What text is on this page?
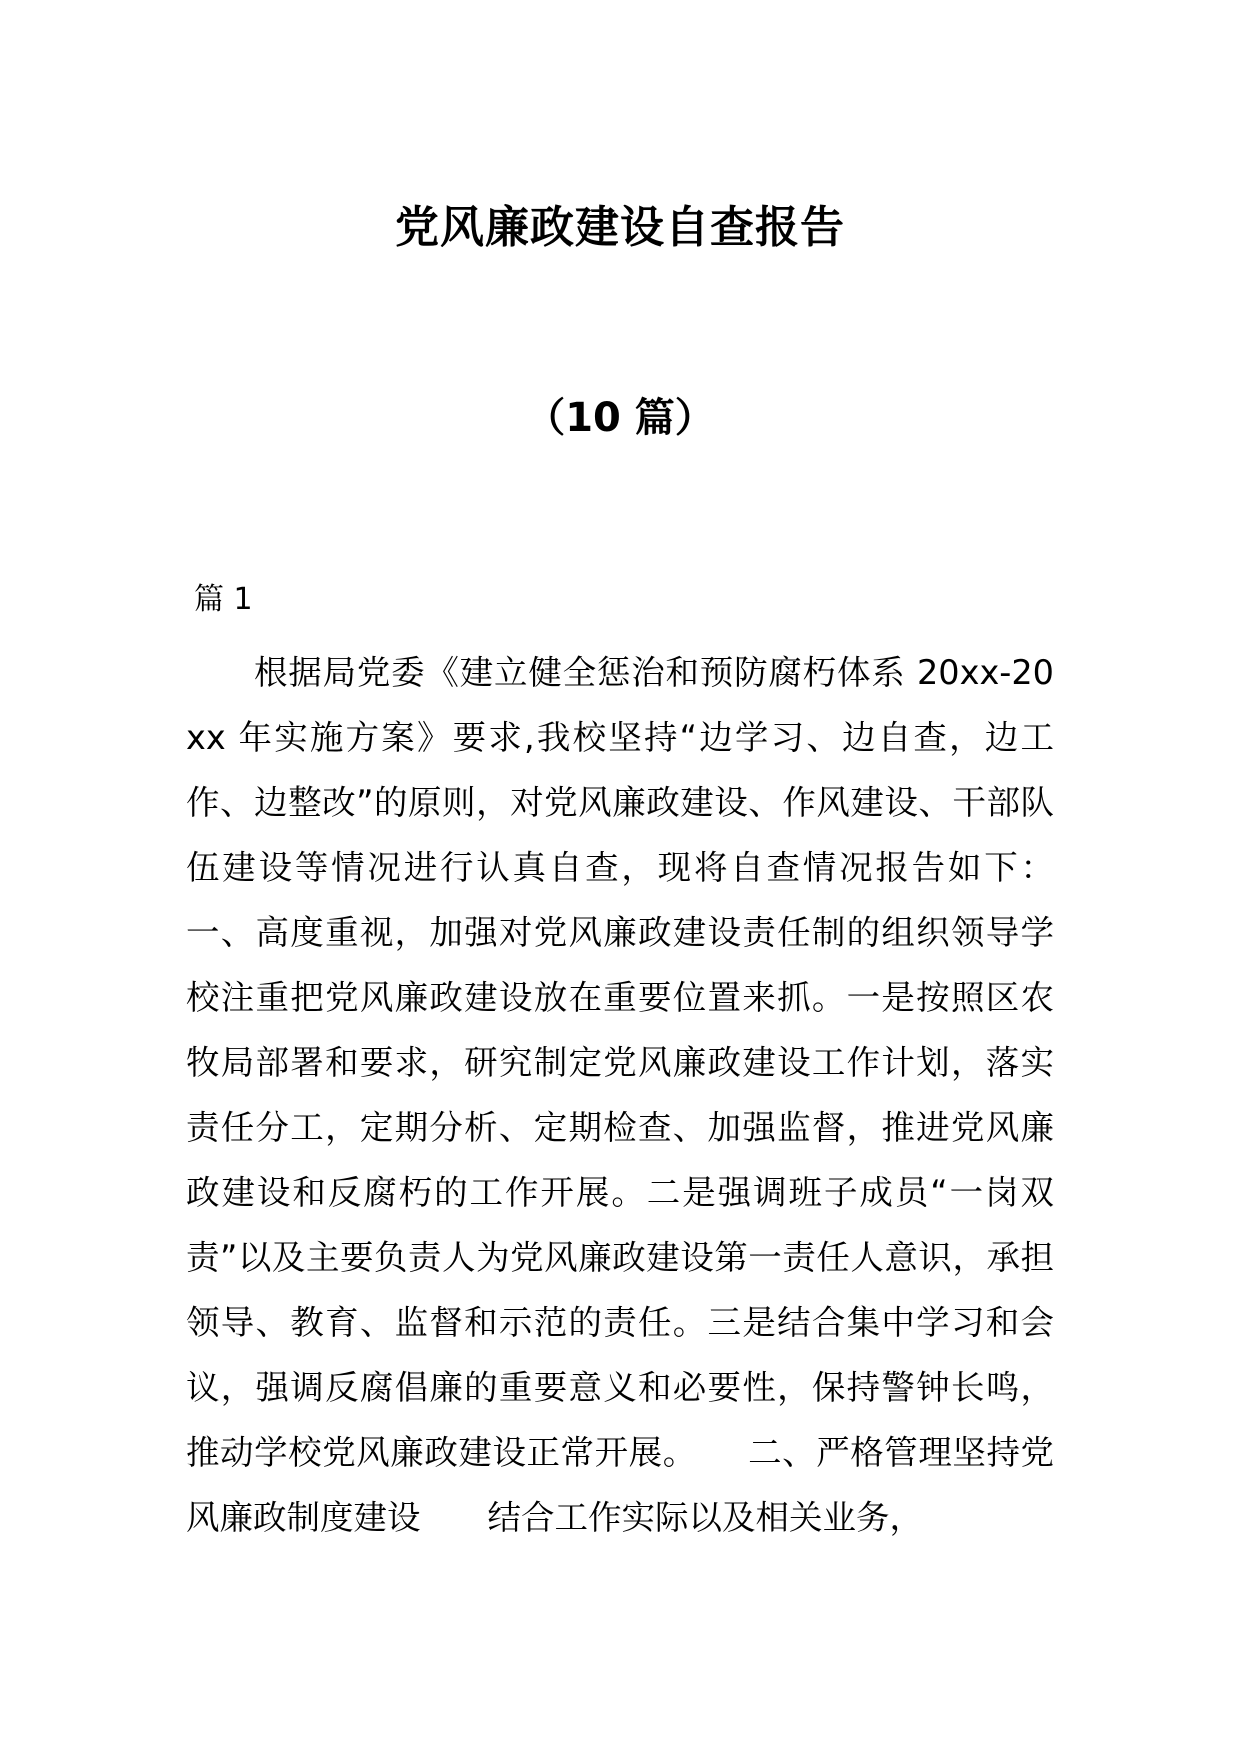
党风廉政建设自查报告
（10 篇）
篇 1

根据局党委《建立健全惩治和预防腐朽体系 20xx-20xx 年实施方案》要求,我校坚持“边学习、边自查，边工作、边整改”的原则，对党风廉政建设、作风建设、干部队伍建设等情况进行认真自查，现将自查情况报告如下：一、高度重视，加强对党风廉政建设责任制的组织领导学校注重把党风廉政建设放在重要位置来抓。一是按照区农牧局部署和要求，研究制定党风廉政建设工作计划，落实责任分工，定期分析、定期检查、加强监督，推进党风廉政建设和反腐朽的工作开展。二是强调班子成员“一岗双责”以及主要负责人为党风廉政建设第一责任人意识，承担领导、教育、监督和示范的责任。三是结合集中学习和会议，强调反腐倡廉的重要意义和必要性，保持警钟长鸣，推动学校党风廉政建设正常开展。　　二、严格管理坚持党风廉政制度建设　　结合工作实际以及相关业务，
